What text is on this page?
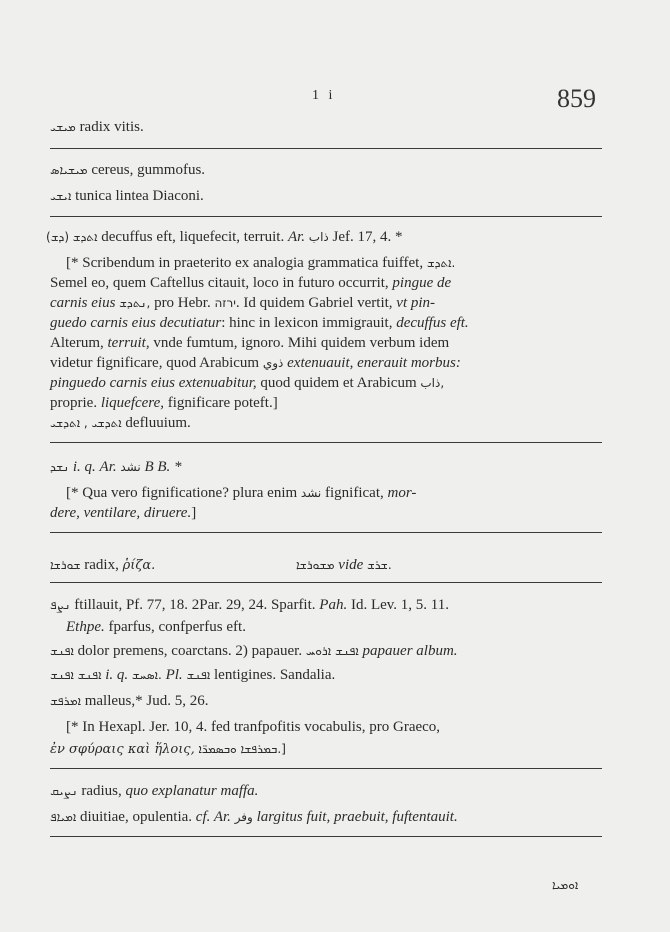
1 i	859
ܡܝܫܝ radix vitis.
ܡܝܫܝܐܣ cereus, gummofus.
ܐܝܫܝ tunica lintea Diaconi.
(ܕܫ) ܐܬܕܫ decuffus eft, liquefecit, terruit. Ar. ذاب Jef. 17, 4. *
[* Scribendum in praeterito ex analogia grammatica fuiffet, ܐܬܕܫ.
Semel eo, quem Caftellus citauit, loco in futuro occurrit, pingue de
carnis eius ܢܬܕܫ, pro Hebr. ירזה. Id quidem Gabriel vertit, vt pin-
guedo carnis eius decutiatur: hinc in lexicon immigrauit, decuffus eft.
Alterum, terruit, vnde fumtum, ignoro. Mihi quidem verbum idem
videtur fignificare, quod Arabicum ذوي extenuauit, enerauit morbus:
pinguedo carnis eius extenuabitur, quod quidem et Arabicum ذاب,
proprie. liquefcere, fignificare poteft.]
ܐܬܕܫܝ , ܐܬܕܫܝ	defluuium.
ܢܫܕ i. q. Ar. نشد B B. *
[* Qua vero fignificatione? plura enim نشد fignificat, mor-
dere, ventilare, diruere.]
ܫܘܪܫܐ radix, ῥίζα.	ܡܫܘܪܫܐ vide ܫܪܫ.
ܢܨܦ ftillauit, Pf. 77, 18. 2Par. 29, 24. Sparfit. Pah. Id. Lev. 1, 5. 11.
Ethpe. fparfus, confperfus eft.
ܐܦܢܫ dolor premens, coarctans. 2) papauer. ܐܦܢܫ ܐܪܘܚ papauer album.
ܐܦܢܫ ܐܦܢܫ i. q. ܐܣܚܫ. Pl. ܐܦܢܫ lentigines. Sandalia.
ܐܡܪܦܫ malleus,* Jud. 5, 26.
[* In Hexapl. Jer. 10, 4. fed tranfpofitis vocabulis, pro Graeco,
ἐν σφύραις καὶ ἥλοις, ܒܡܪܦܫܐ ܘܒܣܡܪ̈ܐ.]
ܢܨܝܩ radius, quo explanatur maffa.
ܐܡܝܐܦ diuitiae, opulentia. cf. Ar. وفر largitus fuit, praebuit, fuftentauit.
ܐܘܡܝܐ
